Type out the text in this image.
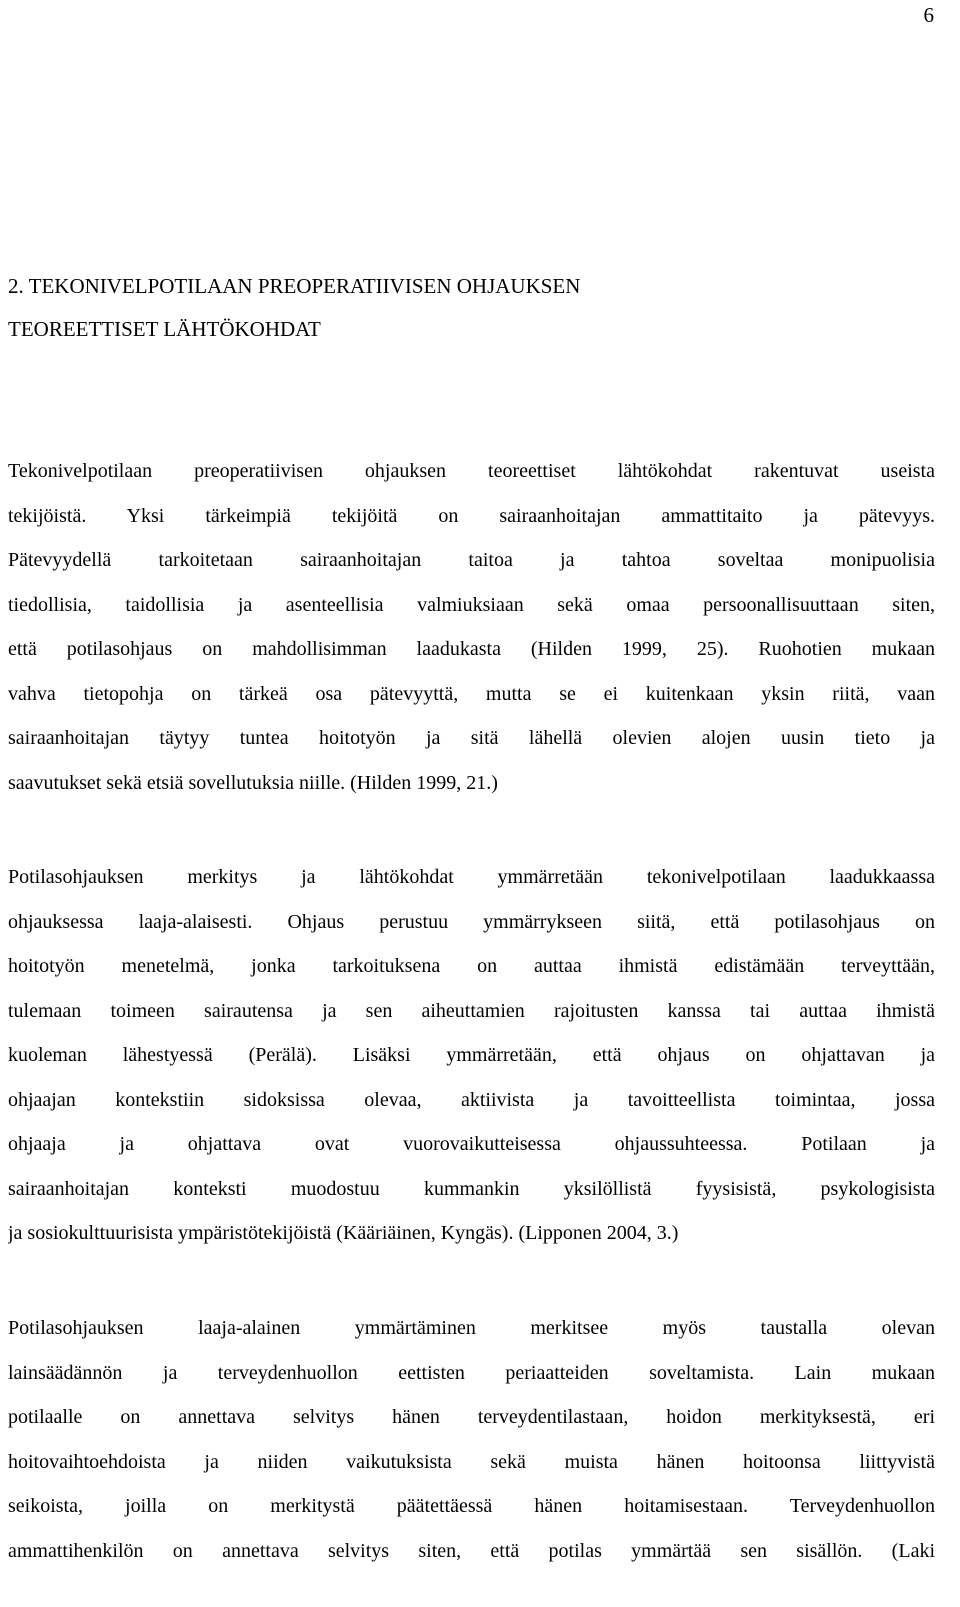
6
2. TEKONIVELPOTILAAN PREOPERATIIVISEN OHJAUKSEN
TEOREETTISET LÄHTÖKOHDAT
Tekonivelpotilaan preoperatiivisen ohjauksen teoreettiset lähtökohdat rakentuvat useista
tekijöistä. Yksi tärkeimpiä tekijöitä on sairaanhoitajan ammattitaito ja pätevyys.
Pätevyydellä tarkoitetaan sairaanhoitajan taitoa ja tahtoa soveltaa monipuolisia
tiedollisia, taidollisia ja asenteellisia valmiuksiaan sekä omaa persoonallisuuttaan siten,
että potilasohjaus on mahdollisimman laadukasta (Hilden 1999, 25). Ruohotien mukaan
vahva tietopohja on tärkeä osa pätevyyttä, mutta se ei kuitenkaan yksin riitä, vaan
sairaanhoitajan täytyy tuntea hoitotyön ja sitä lähellä olevien alojen uusin tieto ja
saavutukset sekä etsiä sovellutuksia niille. (Hilden 1999, 21.)
Potilasohjauksen merkitys ja lähtökohdat ymmärretään tekonivelpotilaan laadukkaassa
ohjauksessa laaja-alaisesti. Ohjaus perustuu ymmärrykseen siitä, että potilasohjaus on
hoitotyön menetelmä, jonka tarkoituksena on auttaa ihmistä edistämään terveyttään,
tulemaan toimeen sairautensa ja sen aiheuttamien rajoitusten kanssa tai auttaa ihmistä
kuoleman lähestyessä (Perälä). Lisäksi ymmärretään, että ohjaus on ohjattavan ja
ohjaajan kontekstiin sidoksissa olevaa, aktiivista ja tavoitteellista toimintaa, jossa
ohjaaja ja ohjattava ovat vuorovaikutteisessa ohjaussuhteessa. Potilaan ja
sairaanhoitajan konteksti muodostuu kummankin yksilöllistä fyysisistä, psykologisista
ja sosiokulttuurisista ympäristötekijöistä (Kääriäinen, Kyngäs). (Lipponen 2004, 3.)
Potilasohjauksen laaja-alainen ymmärtäminen merkitsee myös taustalla olevan
lainsäädännön ja terveydenhuollon eettisten periaatteiden soveltamista. Lain mukaan
potilaalle on annettava selvitys hänen terveydentilastaan, hoidon merkityksestä, eri
hoitovaihtoehdoista ja niiden vaikutuksista sekä muista hänen hoitoonsa liittyvistä
seikoista, joilla on merkitystä päätettäessä hänen hoitamisestaan. Terveydenhuollon
ammattihenkilön on annettava selvitys siten, että potilas ymmärtää sen sisällön. (Laki
